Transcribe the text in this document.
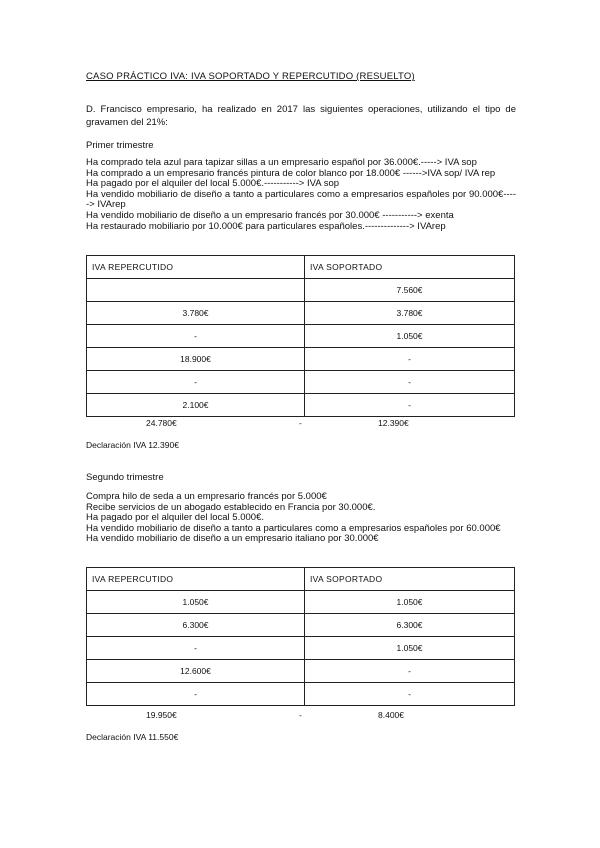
CASO PRÁCTICO IVA: IVA SOPORTADO Y REPERCUTIDO (RESUELTO)
D. Francisco empresario, ha realizado en 2017 las siguientes operaciones, utilizando el tipo de gravamen del 21%:
Primer trimestre
Ha comprado tela azul para tapizar sillas a un empresario español por 36.000€.-----> IVA sop
Ha comprado a un empresario francés pintura de color blanco por 18.000€ ------>IVA sop/ IVA rep
Ha pagado por el alquiler del local 5.000€.-----------> IVA sop
Ha vendido mobiliario de diseño a tanto a particulares como a empresarios españoles por 90.000€-----> IVArep
Ha vendido mobiliario de diseño a un empresario francés por 30.000€ -----------> exenta
Ha restaurado mobiliario por 10.000€ para particulares españoles.--------------> IVArep
IVA REPERCUTIDO	IVA SOPORTADO
	7.560€
3.780€	3.780€
-	1.050€
18.900€	-
-	-
2.100€	-
24.780€	-	12.390€
Declaración IVA 12.390€
Segundo trimestre
Compra hilo de seda a un empresario francés por 5.000€
Recibe servicios de un abogado establecido en Francia por 30.000€.
Ha pagado por el alquiler del local 5.000€.
Ha vendido mobiliario de diseño a tanto a particulares como a empresarios españoles por 60.000€
Ha vendido mobiliario de diseño a un empresario italiano por 30.000€
IVA REPERCUTIDO	IVA SOPORTADO
1.050€	1.050€
6.300€	6.300€
-	1.050€
12.600€	-
-	-
19.950€	-	8.400€
Declaración IVA 11.550€
